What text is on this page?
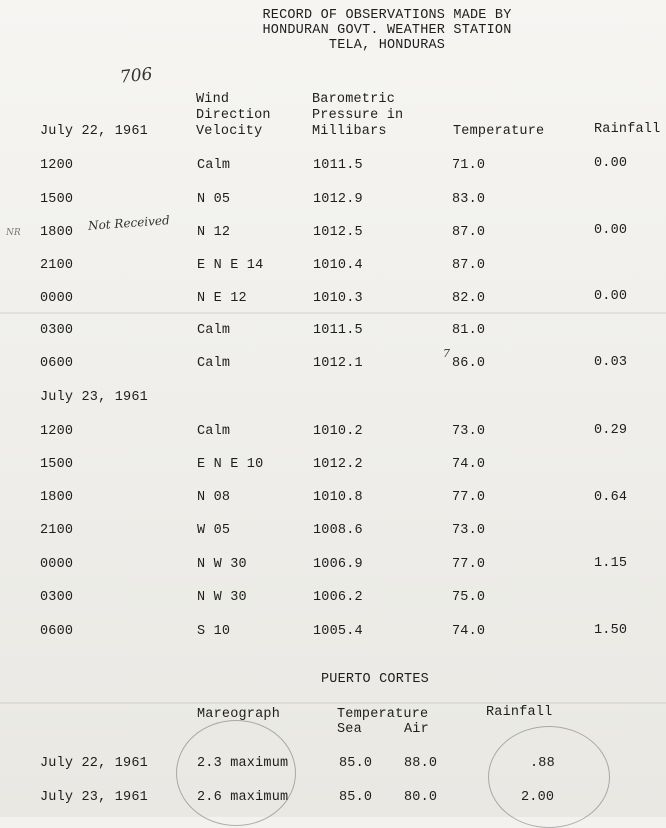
RECORD OF OBSERVATIONS MADE BY
HONDURAN GOVT. WEATHER STATION
TELA, HONDURAS
706
Not Received
NR
7
July 22, 1961
Wind
Direction
Velocity
Barometric
Pressure in
Millibars	Temperature	Rainfall
1200	Calm	1011.5	71.0	0.00
1500	N 05	1012.9	83.0
1800	N 12	1012.5	87.0	0.00
2100	E N E 14	1010.4	87.0
0000	N E 12	1010.3	82.0	0.00
0300	Calm	1011.5	81.0
0600	Calm	1012.1	86.0	0.03
July 23, 1961
1200	Calm	1010.2	73.0	0.29
1500	E N E 10	1012.2	74.0
1800	N 08	1010.8	77.0	0.64
2100	W 05	1008.6	73.0
0000	N W 30	1006.9	77.0	1.15
0300	N W 30	1006.2	75.0
0600	S 10	1005.4	74.0	1.50
PUERTO CORTES
Mareograph	Temperature
Sea	Air
Rainfall
July 22, 1961	2.3 maximum	85.0 88.0	.88
July 23, 1961	2.6 maximum	85.0 80.0	2.00
